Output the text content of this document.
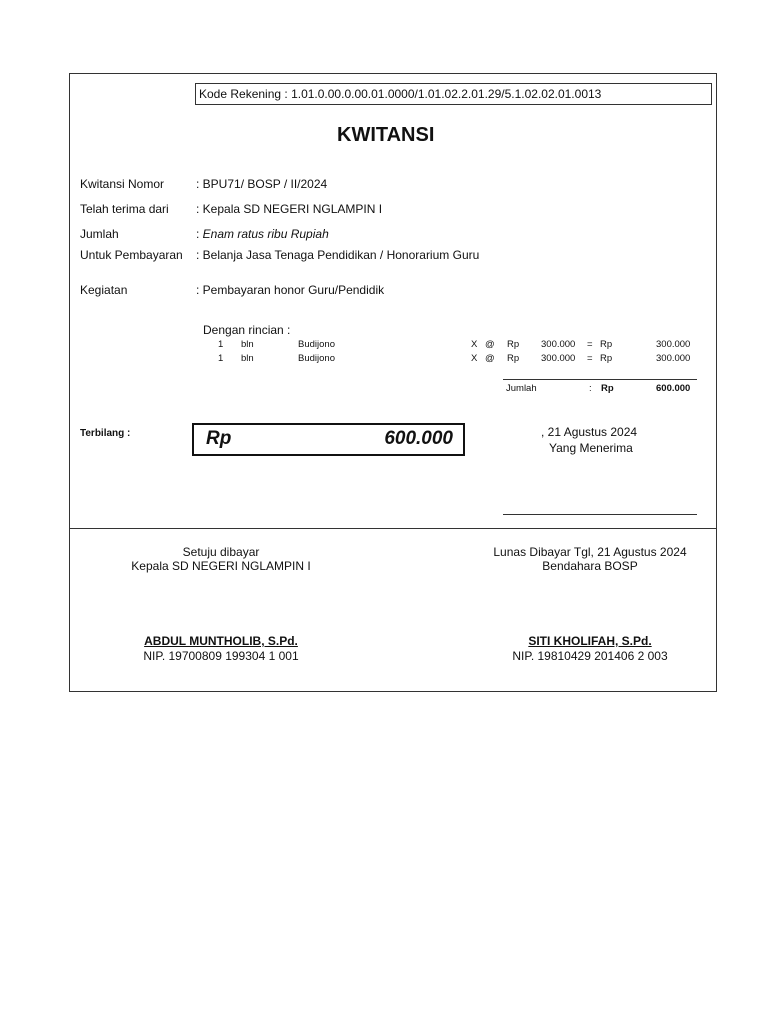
Kode Rekening : 1.01.0.00.0.00.01.0000/1.01.02.2.01.29/5.1.02.02.01.0013
KWITANSI
Kwitansi Nomor	: BPU71/ BOSP / II/2024
Telah terima dari : Kepala SD NEGERI NGLAMPIN I
Jumlah	: Enam ratus ribu Rupiah
Untuk Pembayaran : Belanja Jasa Tenaga Pendidikan / Honorarium Guru
Kegiatan	: Pembayaran honor Guru/Pendidik
Dengan rincian :
1 bln	Budijono	X @ Rp 300.000 = Rp	300.000
1 bln	Budijono	X @ Rp 300.000 = Rp	300.000
Jumlah	: Rp	600.000
Terbilang :	Rp	600.000	, 21 Agustus 2024
Yang Menerima
Setuju dibayar
Kepala SD NEGERI NGLAMPIN I
ABDUL MUNTHOLIB, S.Pd.
NIP. 19700809 199304 1 001
Lunas Dibayar Tgl, 21 Agustus 2024
Bendahara BOSP
SITI KHOLIFAH, S.Pd.
NIP. 19810429 201406 2 003
